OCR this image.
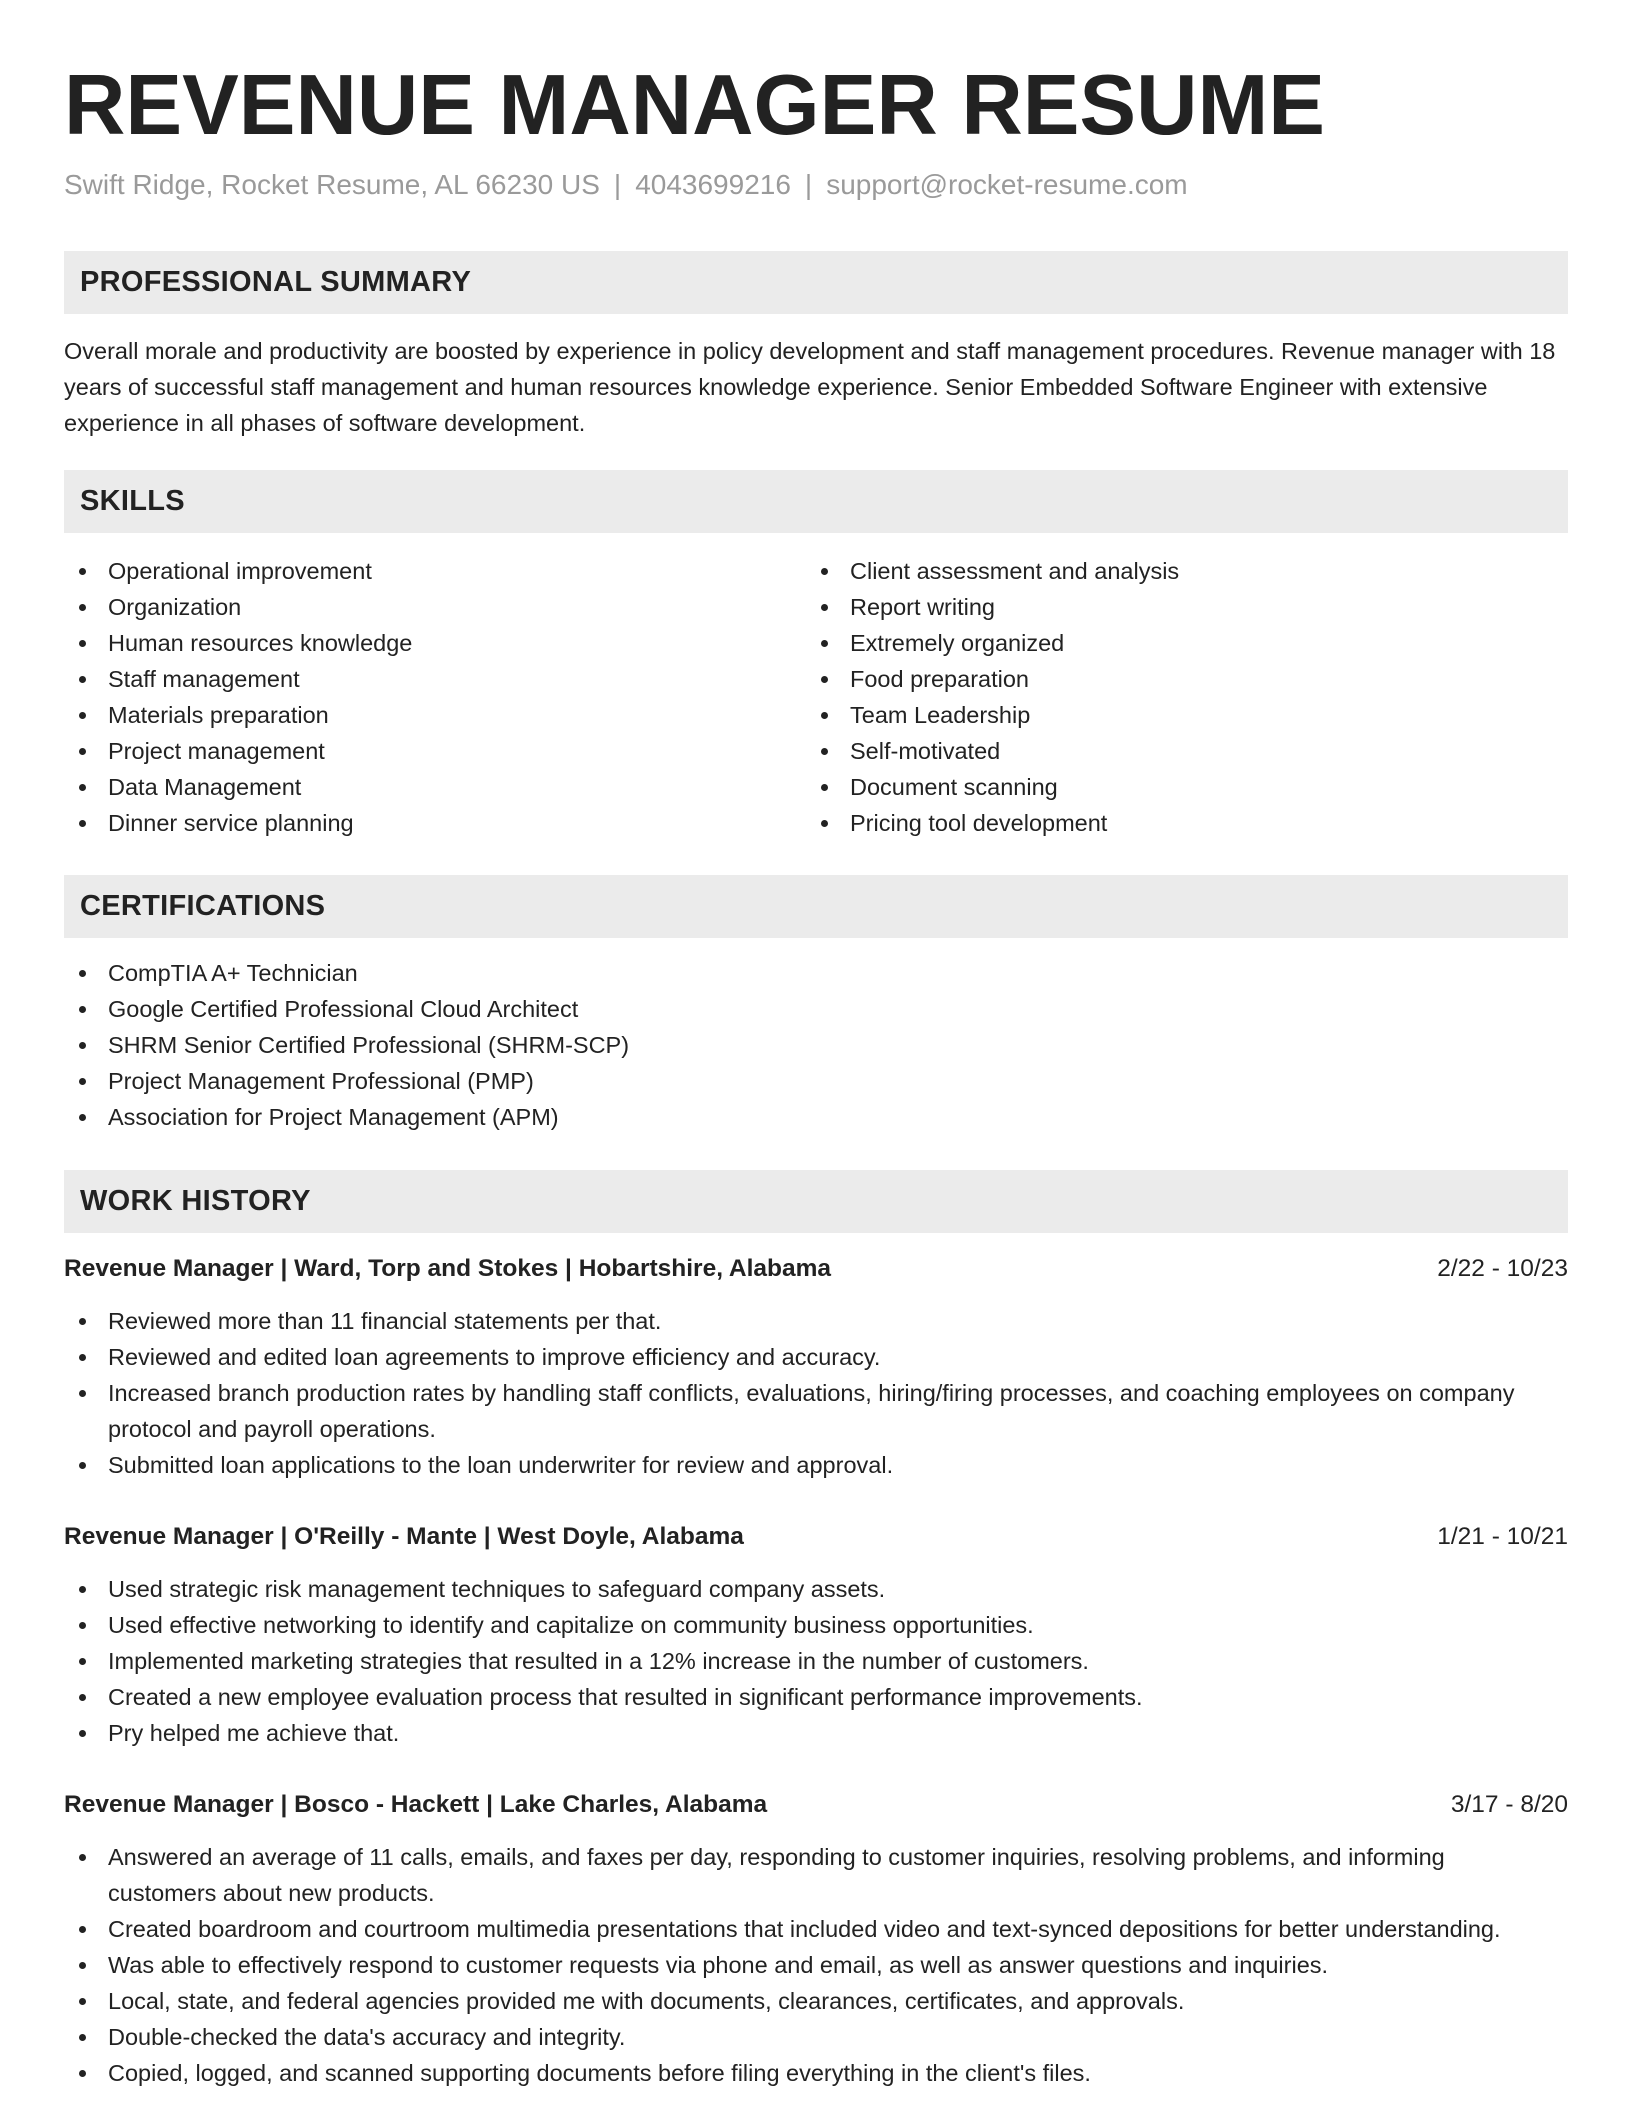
REVENUE MANAGER RESUME
Swift Ridge, Rocket Resume, AL 66230 US | 4043699216 | support@rocket-resume.com
PROFESSIONAL SUMMARY

Overall morale and productivity are boosted by experience in policy development and staff management procedures. Revenue manager with 18 years of successful staff management and human resources knowledge experience. Senior Embedded Software Engineer with extensive experience in all phases of software development.

SKILLS
Operational improvement
Organization
Human resources knowledge
Staff management
Materials preparation
Project management
Data Management
Dinner service planning
Client assessment and analysis
Report writing
Extremely organized
Food preparation
Team Leadership
Self-motivated
Document scanning
Pricing tool development
CERTIFICATIONS
CompTIA A+ Technician
Google Certified Professional Cloud Architect
SHRM Senior Certified Professional (SHRM-SCP)
Project Management Professional (PMP)
Association for Project Management (APM)
WORK HISTORY
Revenue Manager | Ward, Torp and Stokes | Hobartshire, Alabama	2/22 - 10/23
Reviewed more than 11 financial statements per that.
Reviewed and edited loan agreements to improve efficiency and accuracy.
Increased branch production rates by handling staff conflicts, evaluations, hiring/firing processes, and coaching employees on company protocol and payroll operations.
Submitted loan applications to the loan underwriter for review and approval.
Revenue Manager | O'Reilly - Mante | West Doyle, Alabama	1/21 - 10/21
Used strategic risk management techniques to safeguard company assets.
Used effective networking to identify and capitalize on community business opportunities.
Implemented marketing strategies that resulted in a 12% increase in the number of customers.
Created a new employee evaluation process that resulted in significant performance improvements.
Pry helped me achieve that.
Revenue Manager | Bosco - Hackett | Lake Charles, Alabama	3/17 - 8/20
Answered an average of 11 calls, emails, and faxes per day, responding to customer inquiries, resolving problems, and informing customers about new products.
Created boardroom and courtroom multimedia presentations that included video and text-synced depositions for better understanding.
Was able to effectively respond to customer requests via phone and email, as well as answer questions and inquiries.
Local, state, and federal agencies provided me with documents, clearances, certificates, and approvals.
Double-checked the data's accuracy and integrity.
Copied, logged, and scanned supporting documents before filing everything in the client's files.
